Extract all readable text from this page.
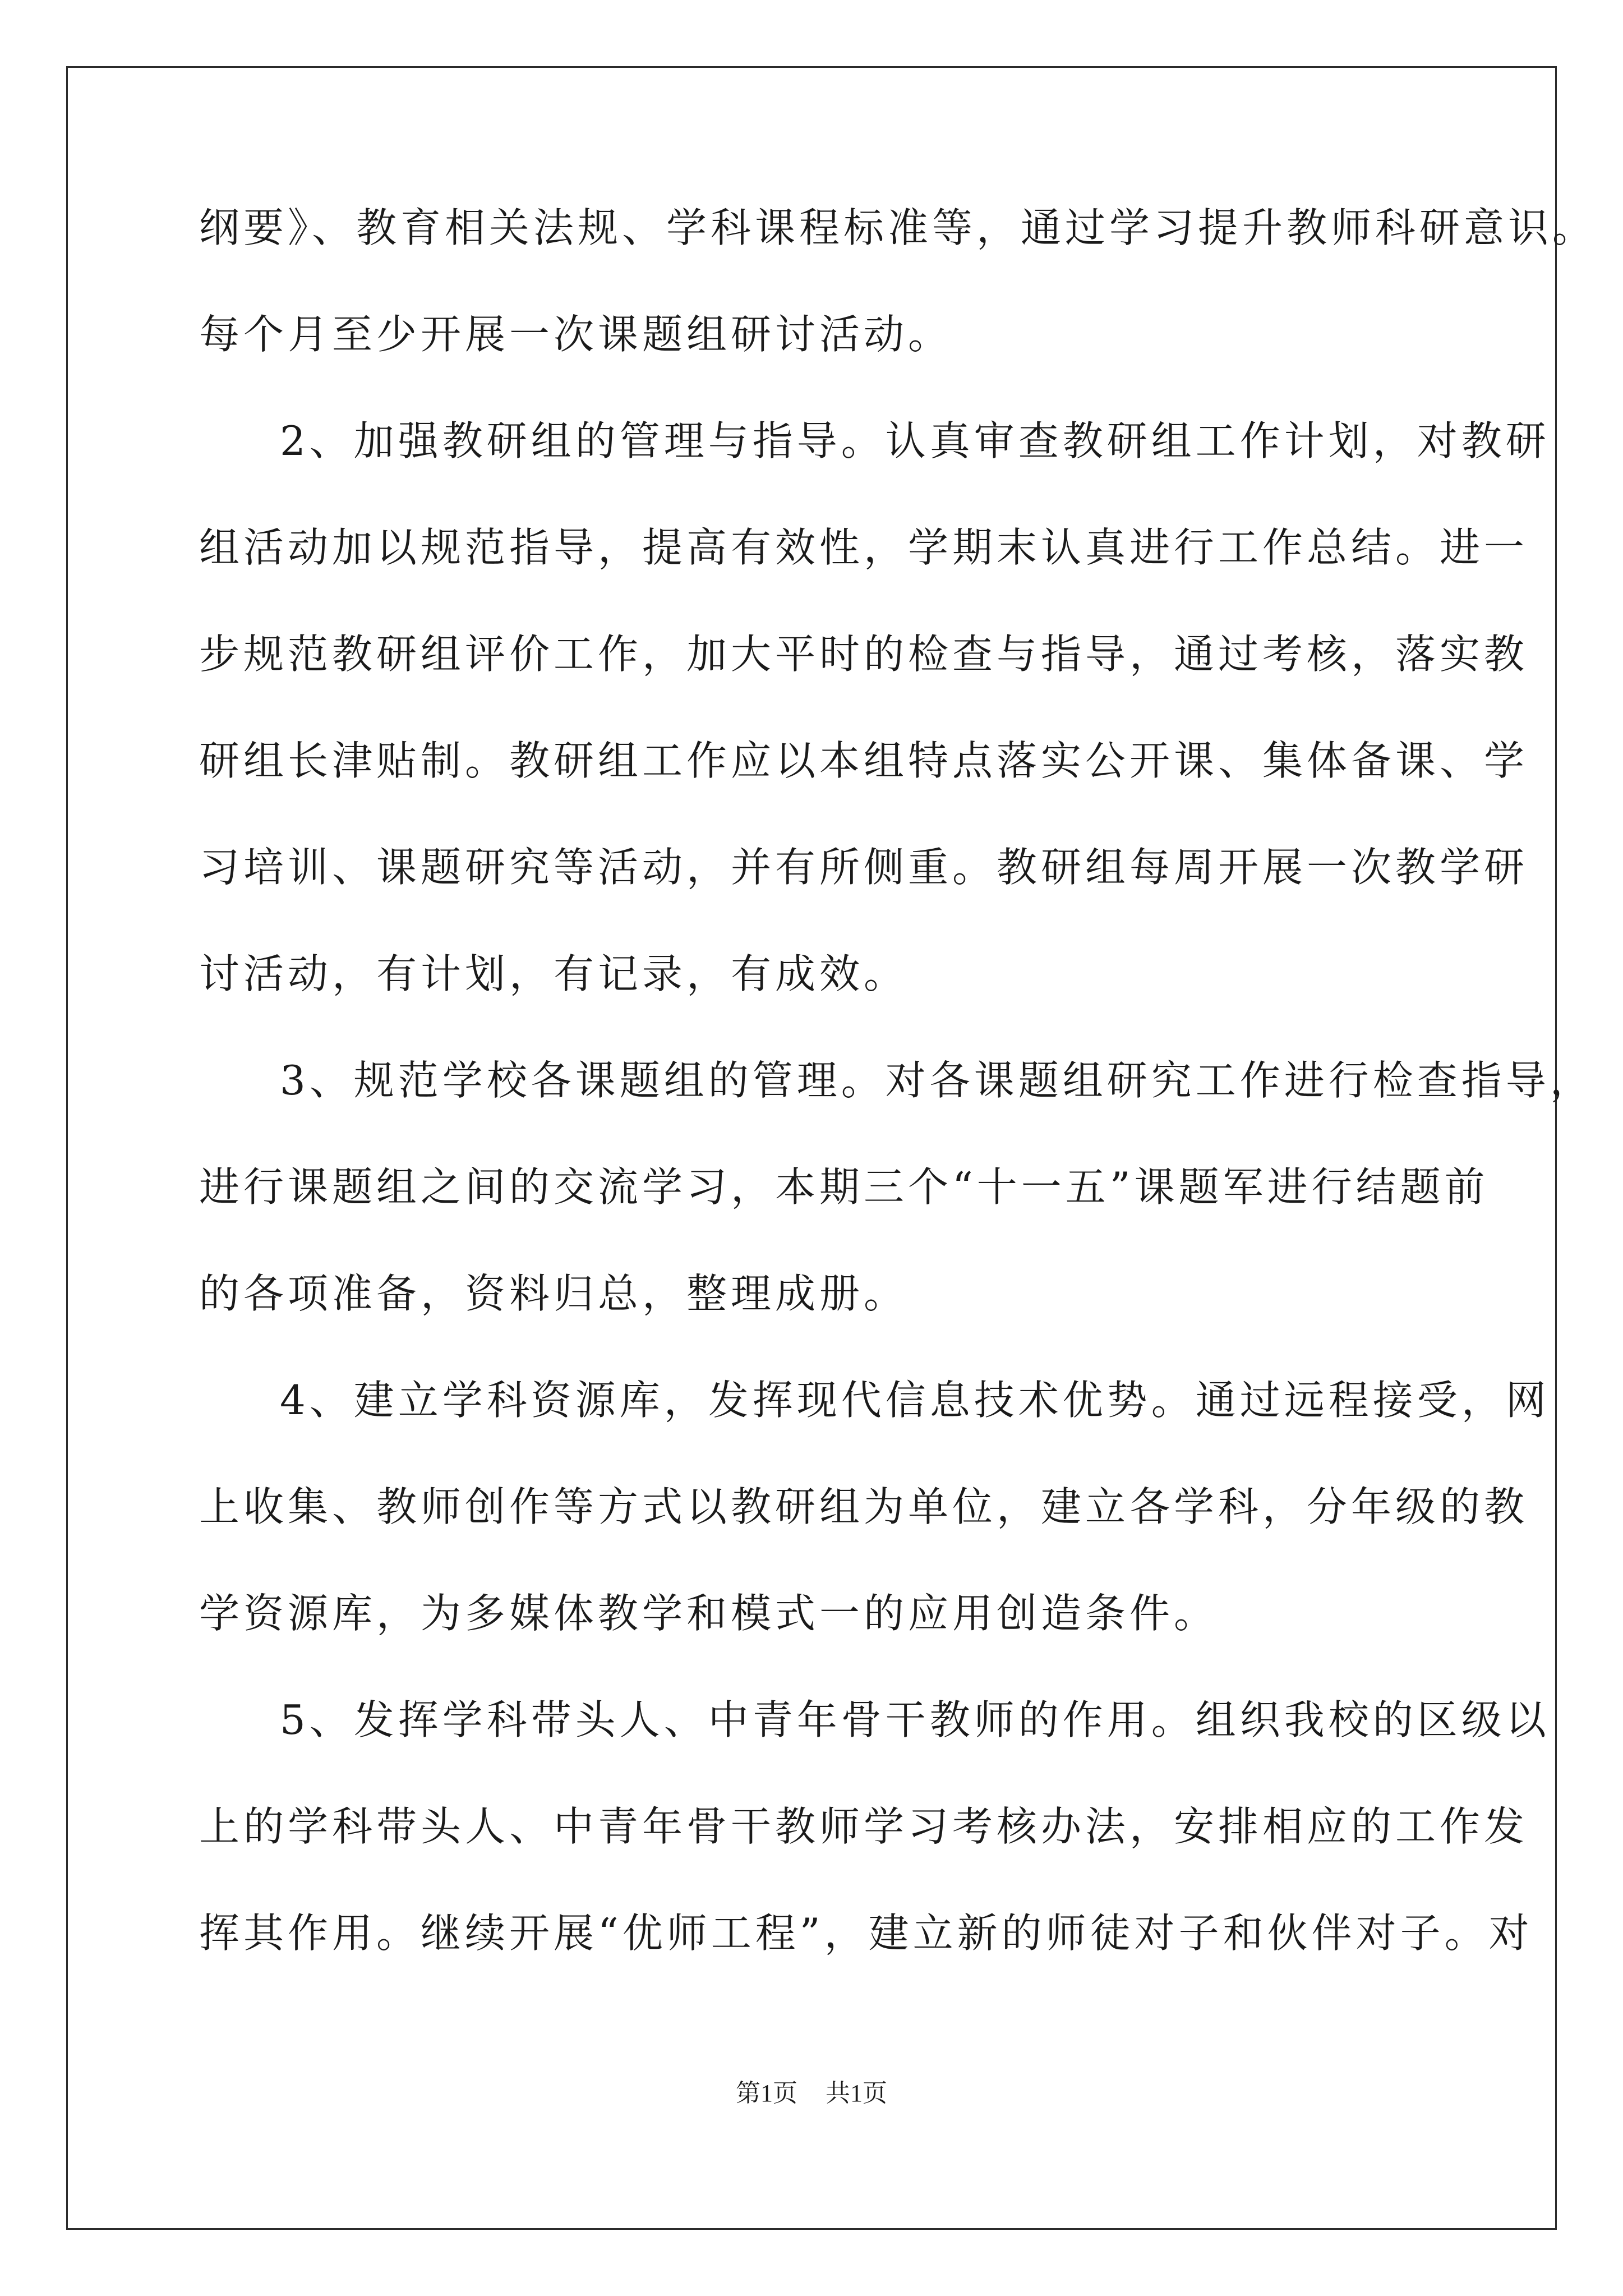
纲要》、教育相关法规、学科课程标准等，通过学习提升教师科研意识。
每个月至少开展一次课题组研讨活动。
2、加强教研组的管理与指导。认真审查教研组工作计划，对教研
组活动加以规范指导，提高有效性，学期末认真进行工作总结。进一
步规范教研组评价工作，加大平时的检查与指导，通过考核，落实教
研组长津贴制。教研组工作应以本组特点落实公开课、集体备课、学
习培训、课题研究等活动，并有所侧重。教研组每周开展一次教学研
讨活动，有计划，有记录，有成效。
3、规范学校各课题组的管理。对各课题组研究工作进行检查指导，
进行课题组之间的交流学习，本期三个“十一五”课题军进行结题前
的各项准备，资料归总，整理成册。
4、建立学科资源库，发挥现代信息技术优势。通过远程接受，网
上收集、教师创作等方式以教研组为单位，建立各学科，分年级的教
学资源库，为多媒体教学和模式一的应用创造条件。
5、发挥学科带头人、中青年骨干教师的作用。组织我校的区级以
上的学科带头人、中青年骨干教师学习考核办法，安排相应的工作发
挥其作用。继续开展“优师工程”，建立新的师徒对子和伙伴对子。对
第1页 共1页
